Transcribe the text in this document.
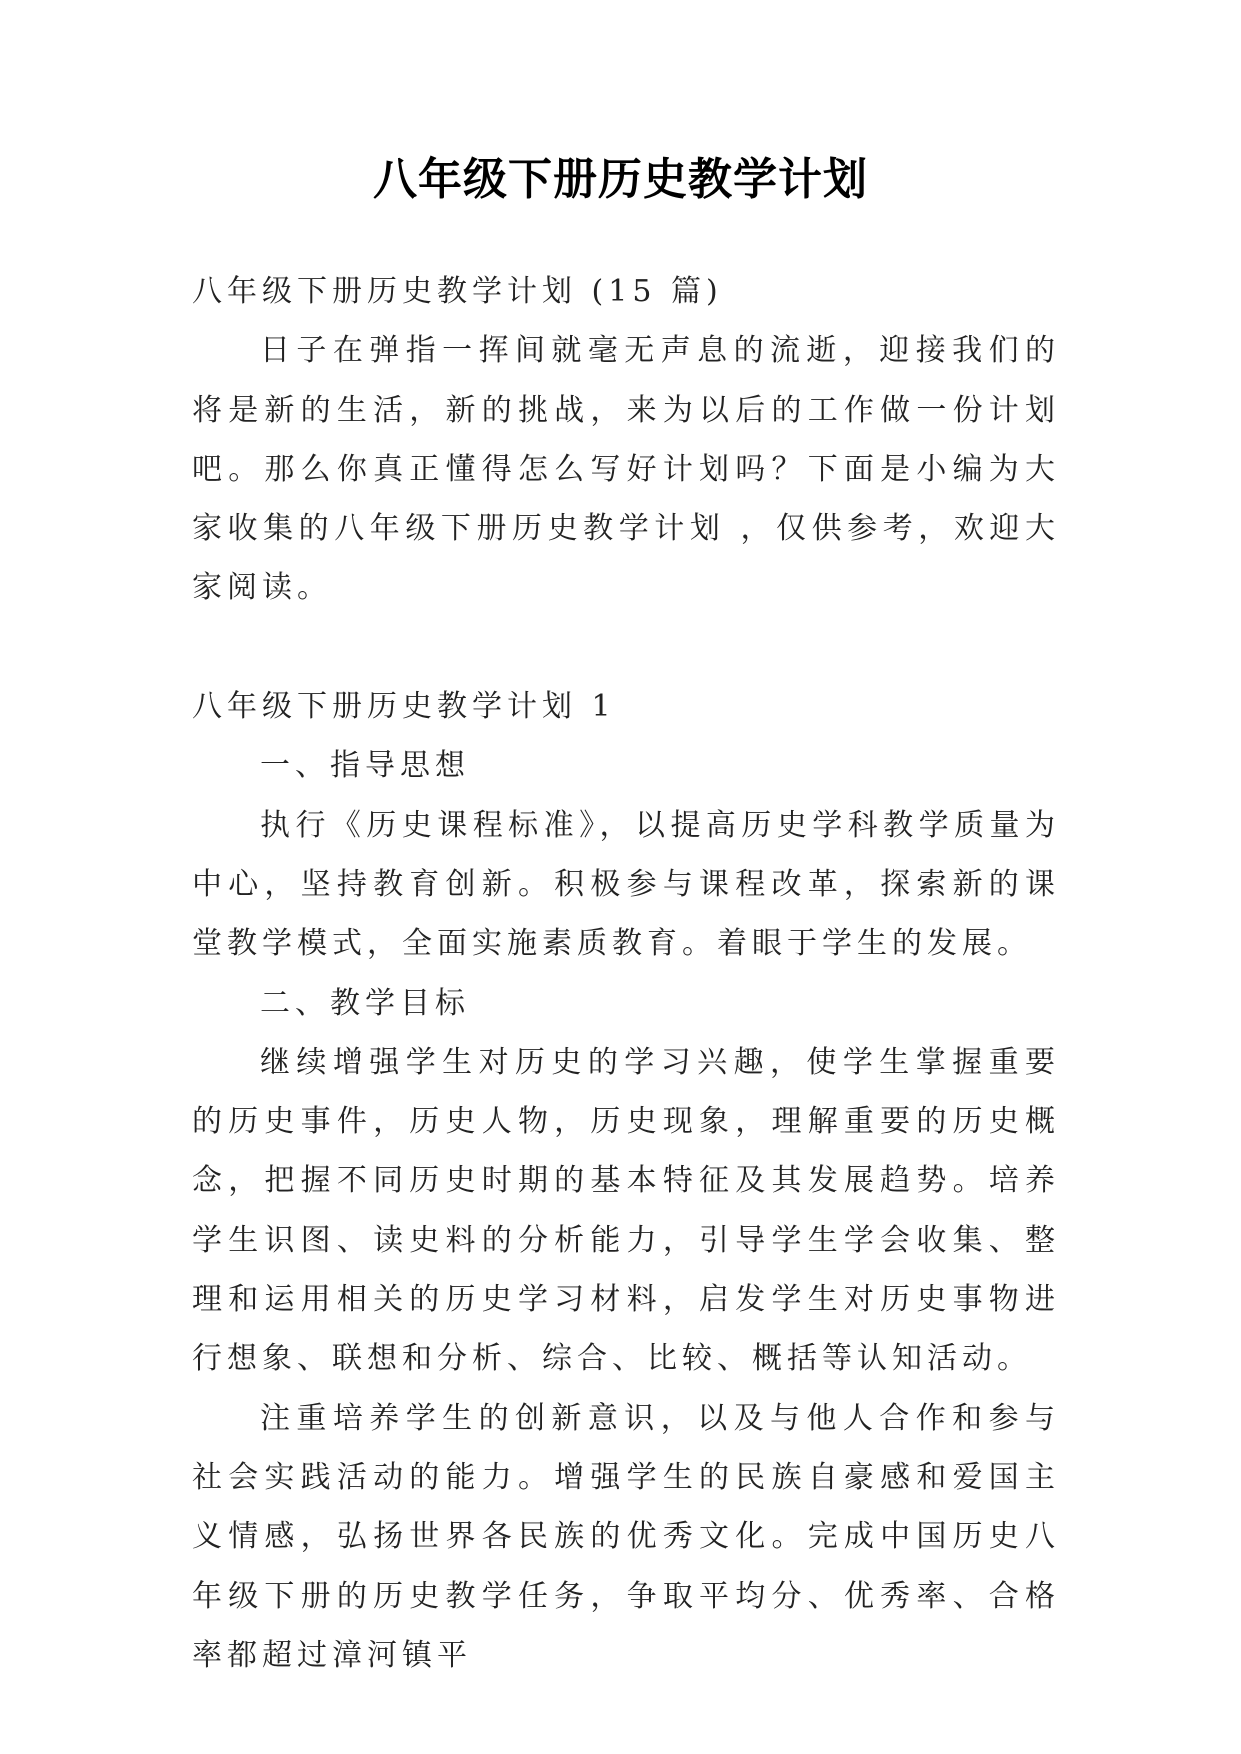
八年级下册历史教学计划

八年级下册历史教学计划 (15 篇)

日子在弹指一挥间就毫无声息的流逝，迎接我们的将是新的生活，新的挑战，来为以后的工作做一份计划吧。那么你真正懂得怎么写好计划吗？下面是小编为大家收集的八年级下册历史教学计划 ，仅供参考，欢迎大家阅读。

八年级下册历史教学计划 1

一、指导思想

执行《历史课程标准》，以提高历史学科教学质量为中心，坚持教育创新。积极参与课程改革，探索新的课堂教学模式，全面实施素质教育。着眼于学生的发展。

二、教学目标

继续增强学生对历史的学习兴趣，使学生掌握重要的历史事件，历史人物，历史现象，理解重要的历史概念，把握不同历史时期的基本特征及其发展趋势。培养学生识图、读史料的分析能力，引导学生学会收集、整理和运用相关的历史学习材料，启发学生对历史事物进行想象、联想和分析、综合、比较、概括等认知活动。

注重培养学生的创新意识，以及与他人合作和参与社会实践活动的能力。增强学生的民族自豪感和爱国主义情感，弘扬世界各民族的优秀文化。完成中国历史八年级下册的历史教学任务，争取平均分、优秀率、合格率都超过漳河镇平
